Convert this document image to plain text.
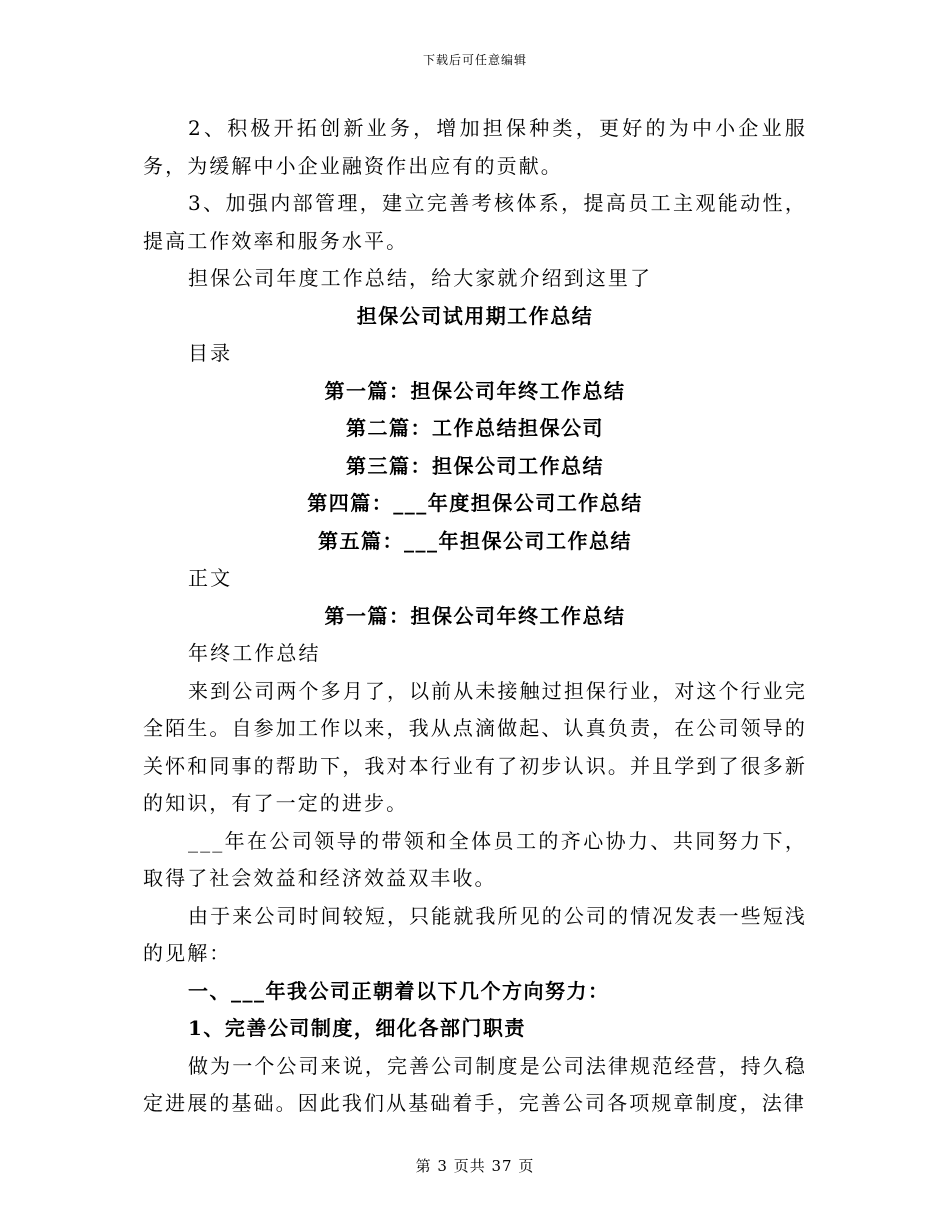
下载后可任意编辑

2、积极开拓创新业务，增加担保种类，更好的为中小企业服务，为缓解中小企业融资作出应有的贡献。

3、加强内部管理，建立完善考核体系，提高员工主观能动性，提高工作效率和服务水平。

担保公司年度工作总结，给大家就介绍到这里了

担保公司试用期工作总结

目录

第一篇：担保公司年终工作总结

第二篇：工作总结担保公司

第三篇：担保公司工作总结

第四篇：___年度担保公司工作总结

第五篇：___年担保公司工作总结

正文

第一篇：担保公司年终工作总结

年终工作总结

来到公司两个多月了，以前从未接触过担保行业，对这个行业完全陌生。自参加工作以来，我从点滴做起、认真负责，在公司领导的关怀和同事的帮助下，我对本行业有了初步认识。并且学到了很多新的知识，有了一定的进步。

___年在公司领导的带领和全体员工的齐心协力、共同努力下，取得了社会效益和经济效益双丰收。

由于来公司时间较短，只能就我所见的公司的情况发表一些短浅的见解：

一、___年我公司正朝着以下几个方向努力：

1、完善公司制度，细化各部门职责

做为一个公司来说，完善公司制度是公司法律规范经营，持久稳定进展的基础。因此我们从基础着手，完善公司各项规章制度，法律

第 3 页共 37 页
